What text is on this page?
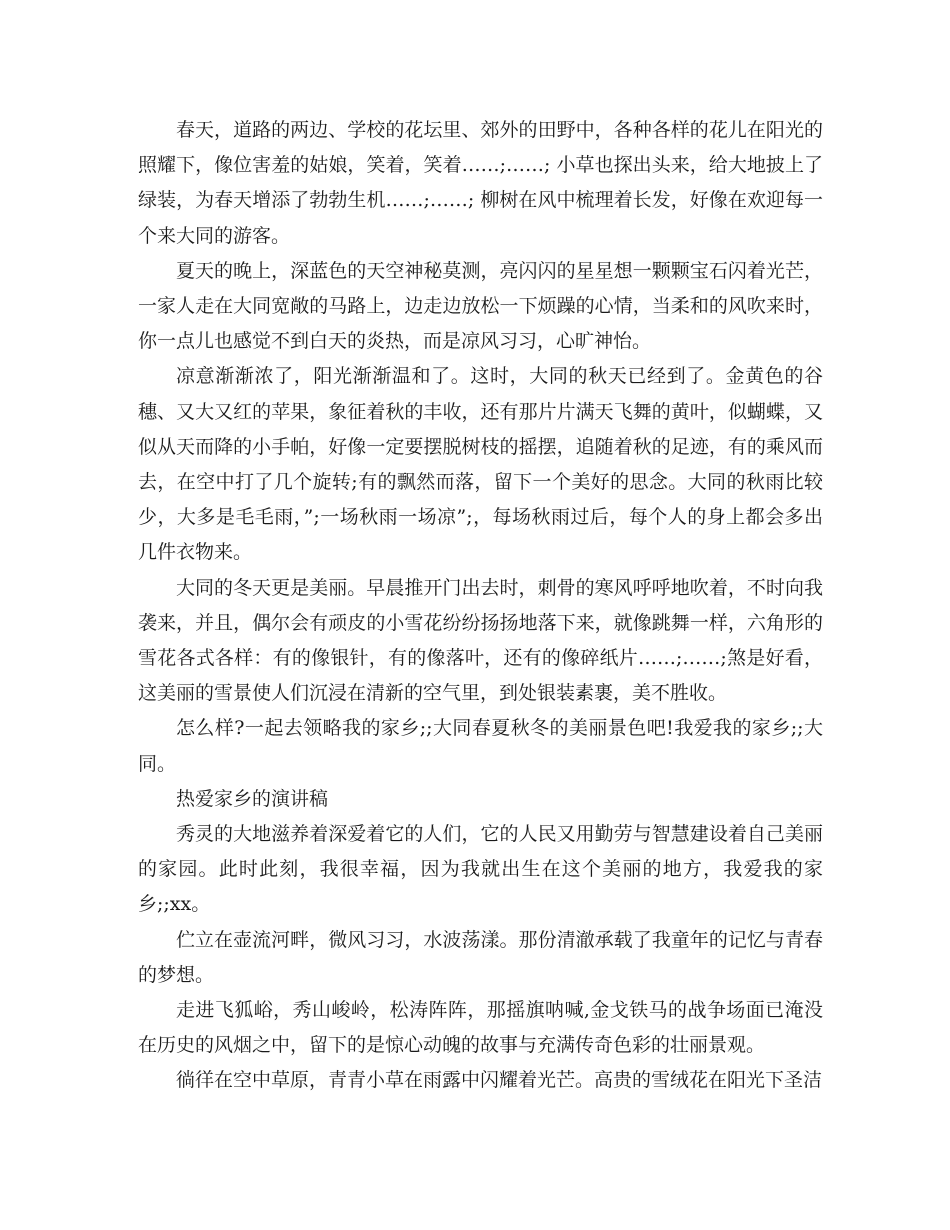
春天，道路的两边、学校的花坛里、郊外的田野中，各种各样的花儿在阳光的照耀下，像位害羞的姑娘，笑着，笑着……;……; 小草也探出头来，给大地披上了绿装，为春天增添了勃勃生机……;……; 柳树在风中梳理着长发，好像在欢迎每一个来大同的游客。

夏天的晚上，深蓝色的天空神秘莫测，亮闪闪的星星想一颗颗宝石闪着光芒，一家人走在大同宽敞的马路上，边走边放松一下烦躁的心情，当柔和的风吹来时，你一点儿也感觉不到白天的炎热，而是凉风习习，心旷神怡。

凉意渐渐浓了，阳光渐渐温和了。这时，大同的秋天已经到了。金黄色的谷穗、又大又红的苹果，象征着秋的丰收，还有那片片满天飞舞的黄叶，似蝴蝶，又似从天而降的小手帕，好像一定要摆脱树枝的摇摆，追随着秋的足迹，有的乘风而去，在空中打了几个旋转;有的飘然而落，留下一个美好的思念。大同的秋雨比较少，大多是毛毛雨，”;一场秋雨一场凉”;，每场秋雨过后，每个人的身上都会多出几件衣物来。

大同的冬天更是美丽。早晨推开门出去时，刺骨的寒风呼呼地吹着，不时向我袭来，并且，偶尔会有顽皮的小雪花纷纷扬扬地落下来，就像跳舞一样，六角形的雪花各式各样：有的像银针，有的像落叶，还有的像碎纸片……;……;煞是好看，这美丽的雪景使人们沉浸在清新的空气里，到处银装素裹，美不胜收。

怎么样?一起去领略我的家乡;;大同春夏秋冬的美丽景色吧!我爱我的家乡;;大同。

热爱家乡的演讲稿

秀灵的大地滋养着深爱着它的人们，它的人民又用勤劳与智慧建设着自己美丽的家园。此时此刻，我很幸福，因为我就出生在这个美丽的地方，我爱我的家乡;;xx。

伫立在壶流河畔，微风习习，水波荡漾。那份清澈承载了我童年的记忆与青春的梦想。

走进飞狐峪，秀山峻岭，松涛阵阵，那摇旗呐喊,金戈铁马的战争场面已淹没在历史的风烟之中，留下的是惊心动魄的故事与充满传奇色彩的壮丽景观。

徜徉在空中草原，青青小草在雨露中闪耀着光芒。高贵的雪绒花在阳光下圣洁
